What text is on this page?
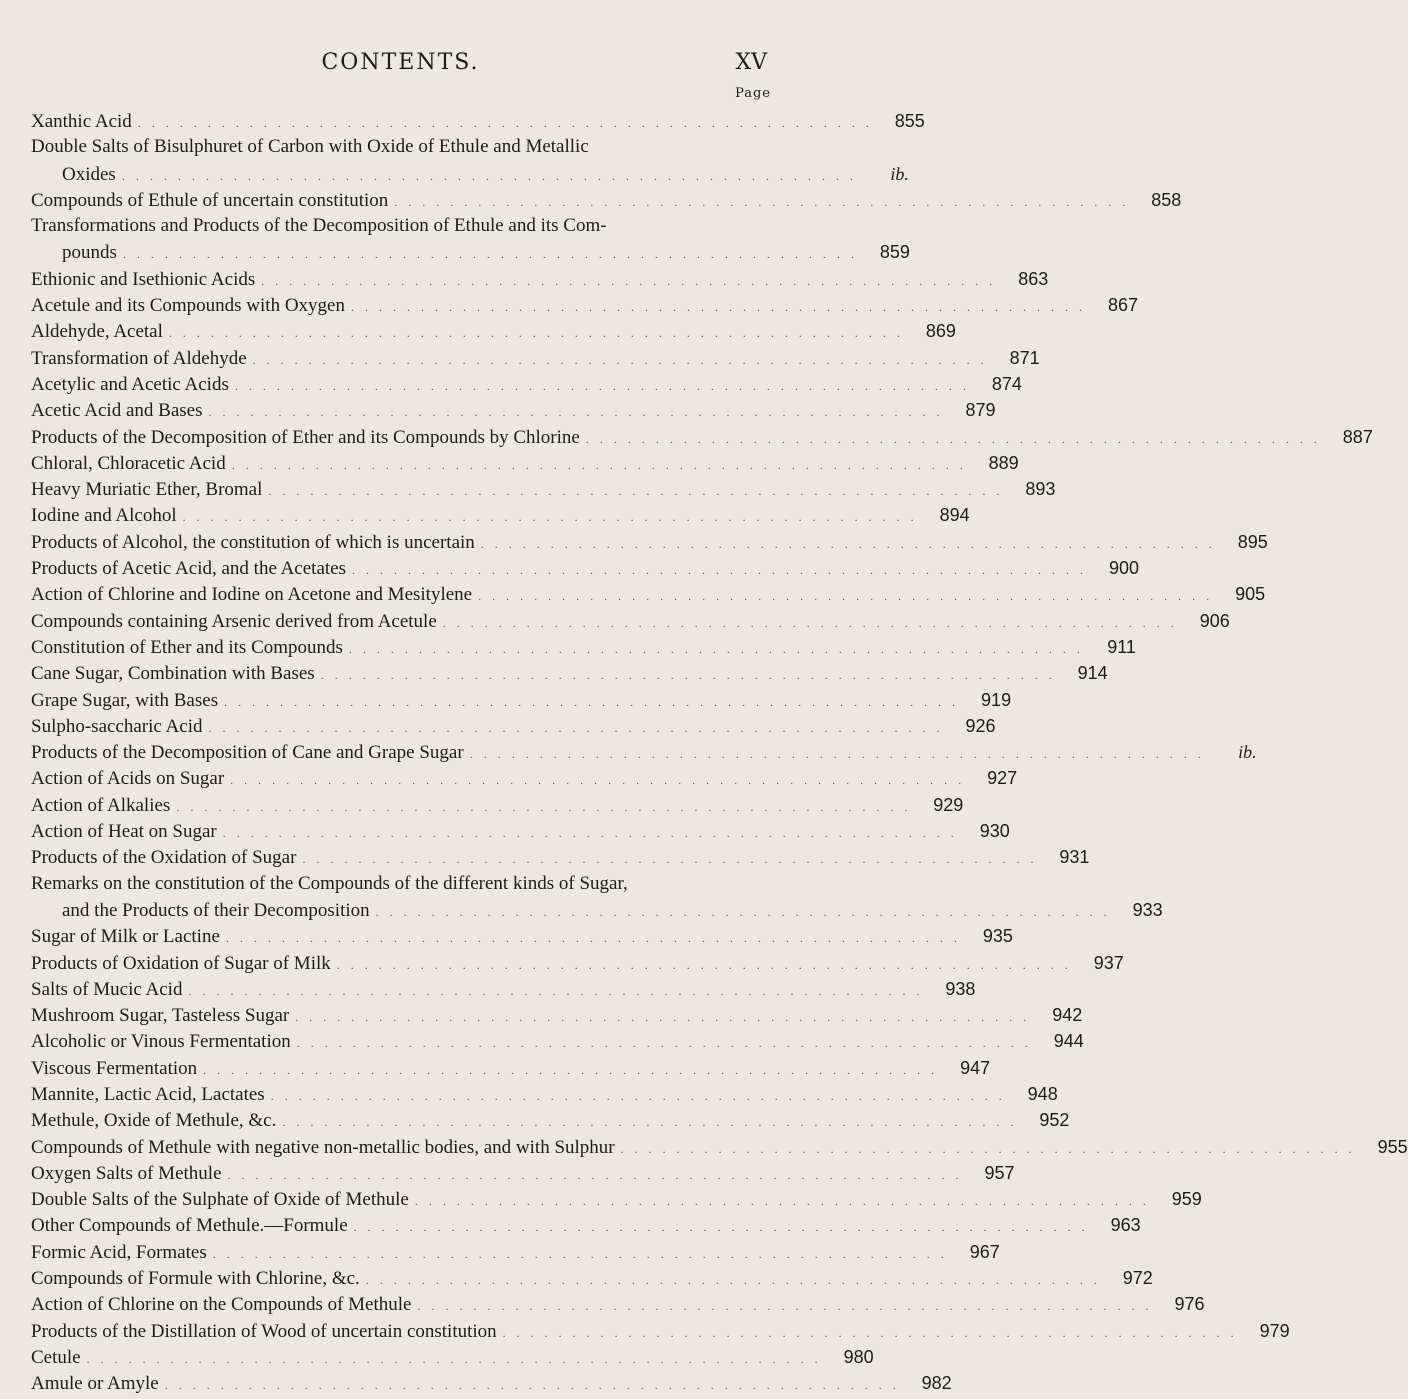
CONTENTS.	XV
Page
Xanthic Acid . . . . . . . . . . . . . . . . . . . . . . . . . . . . . . . . . . . . . . . . . . . . . . . . . . . . .	855
Double Salts of Bisulphuret of Carbon with Oxide of Ethule and Metallic
Oxides . . . . . . . . . . . . . . . . . . . . . . . . . . . . . . . . . . . . . . . . . . . . . . . . . . . . .	ib.
Compounds of Ethule of uncertain constitution . . . . . . . . . . . . . . . . . . . . . . . . . . . . . . . . . . . . . . . . . . . . . . . . . . . . .	858
Transformations and Products of the Decomposition of Ethule and its Com-
pounds . . . . . . . . . . . . . . . . . . . . . . . . . . . . . . . . . . . . . . . . . . . . . . . . . . . . .	859
Ethionic and Isethionic Acids . . . . . . . . . . . . . . . . . . . . . . . . . . . . . . . . . . . . . . . . . . . . . . . . . . . . .	863
Acetule and its Compounds with Oxygen . . . . . . . . . . . . . . . . . . . . . . . . . . . . . . . . . . . . . . . . . . . . . . . . . . . . .	867
Aldehyde, Acetal . . . . . . . . . . . . . . . . . . . . . . . . . . . . . . . . . . . . . . . . . . . . . . . . . . . . .	869
Transformation of Aldehyde . . . . . . . . . . . . . . . . . . . . . . . . . . . . . . . . . . . . . . . . . . . . . . . . . . . . .	871
Acetylic and Acetic Acids . . . . . . . . . . . . . . . . . . . . . . . . . . . . . . . . . . . . . . . . . . . . . . . . . . . . .	874
Acetic Acid and Bases . . . . . . . . . . . . . . . . . . . . . . . . . . . . . . . . . . . . . . . . . . . . . . . . . . . . .	879
Products of the Decomposition of Ether and its Compounds by Chlorine . . . . . . . . . . . . . . . . . . . . . . . . . . . . . . . . . . . . . . . . . . . . . . . . . . . . .	887
Chloral, Chloracetic Acid . . . . . . . . . . . . . . . . . . . . . . . . . . . . . . . . . . . . . . . . . . . . . . . . . . . . .	889
Heavy Muriatic Ether, Bromal . . . . . . . . . . . . . . . . . . . . . . . . . . . . . . . . . . . . . . . . . . . . . . . . . . . . .	893
Iodine and Alcohol . . . . . . . . . . . . . . . . . . . . . . . . . . . . . . . . . . . . . . . . . . . . . . . . . . . . .	894
Products of Alcohol, the constitution of which is uncertain . . . . . . . . . . . . . . . . . . . . . . . . . . . . . . . . . . . . . . . . . . . . . . . . . . . . .	895
Products of Acetic Acid, and the Acetates . . . . . . . . . . . . . . . . . . . . . . . . . . . . . . . . . . . . . . . . . . . . . . . . . . . . .	900
Action of Chlorine and Iodine on Acetone and Mesitylene . . . . . . . . . . . . . . . . . . . . . . . . . . . . . . . . . . . . . . . . . . . . . . . . . . . . .	905
Compounds containing Arsenic derived from Acetule . . . . . . . . . . . . . . . . . . . . . . . . . . . . . . . . . . . . . . . . . . . . . . . . . . . . .	906
Constitution of Ether and its Compounds . . . . . . . . . . . . . . . . . . . . . . . . . . . . . . . . . . . . . . . . . . . . . . . . . . . . .	911
Cane Sugar, Combination with Bases . . . . . . . . . . . . . . . . . . . . . . . . . . . . . . . . . . . . . . . . . . . . . . . . . . . . .	914
Grape Sugar, with Bases . . . . . . . . . . . . . . . . . . . . . . . . . . . . . . . . . . . . . . . . . . . . . . . . . . . . .	919
Sulpho-saccharic Acid . . . . . . . . . . . . . . . . . . . . . . . . . . . . . . . . . . . . . . . . . . . . . . . . . . . . .	926
Products of the Decomposition of Cane and Grape Sugar . . . . . . . . . . . . . . . . . . . . . . . . . . . . . . . . . . . . . . . . . . . . . . . . . . . . .	ib.
Action of Acids on Sugar . . . . . . . . . . . . . . . . . . . . . . . . . . . . . . . . . . . . . . . . . . . . . . . . . . . . .	927
Action of Alkalies . . . . . . . . . . . . . . . . . . . . . . . . . . . . . . . . . . . . . . . . . . . . . . . . . . . . .	929
Action of Heat on Sugar . . . . . . . . . . . . . . . . . . . . . . . . . . . . . . . . . . . . . . . . . . . . . . . . . . . . .	930
Products of the Oxidation of Sugar . . . . . . . . . . . . . . . . . . . . . . . . . . . . . . . . . . . . . . . . . . . . . . . . . . . . .	931
Remarks on the constitution of the Compounds of the different kinds of Sugar,
and the Products of their Decomposition . . . . . . . . . . . . . . . . . . . . . . . . . . . . . . . . . . . . . . . . . . . . . . . . . . . . .	933
Sugar of Milk or Lactine . . . . . . . . . . . . . . . . . . . . . . . . . . . . . . . . . . . . . . . . . . . . . . . . . . . . .	935
Products of Oxidation of Sugar of Milk . . . . . . . . . . . . . . . . . . . . . . . . . . . . . . . . . . . . . . . . . . . . . . . . . . . . .	937
Salts of Mucic Acid . . . . . . . . . . . . . . . . . . . . . . . . . . . . . . . . . . . . . . . . . . . . . . . . . . . . .	938
Mushroom Sugar, Tasteless Sugar . . . . . . . . . . . . . . . . . . . . . . . . . . . . . . . . . . . . . . . . . . . . . . . . . . . . .	942
Alcoholic or Vinous Fermentation . . . . . . . . . . . . . . . . . . . . . . . . . . . . . . . . . . . . . . . . . . . . . . . . . . . . .	944
Viscous Fermentation . . . . . . . . . . . . . . . . . . . . . . . . . . . . . . . . . . . . . . . . . . . . . . . . . . . . .	947
Mannite, Lactic Acid, Lactates . . . . . . . . . . . . . . . . . . . . . . . . . . . . . . . . . . . . . . . . . . . . . . . . . . . . .	948
Methule, Oxide of Methule, &c. . . . . . . . . . . . . . . . . . . . . . . . . . . . . . . . . . . . . . . . . . . . . . . . . . . . . .	952
Compounds of Methule with negative non-metallic bodies, and with Sulphur . . . . . . . . . . . . . . . . . . . . . . . . . . . . . . . . . . . . . . . . . . . . . . . . . . . . .	955
Oxygen Salts of Methule . . . . . . . . . . . . . . . . . . . . . . . . . . . . . . . . . . . . . . . . . . . . . . . . . . . . .	957
Double Salts of the Sulphate of Oxide of Methule . . . . . . . . . . . . . . . . . . . . . . . . . . . . . . . . . . . . . . . . . . . . . . . . . . . . .	959
Other Compounds of Methule.—Formule . . . . . . . . . . . . . . . . . . . . . . . . . . . . . . . . . . . . . . . . . . . . . . . . . . . . .	963
Formic Acid, Formates . . . . . . . . . . . . . . . . . . . . . . . . . . . . . . . . . . . . . . . . . . . . . . . . . . . . .	967
Compounds of Formule with Chlorine, &c. . . . . . . . . . . . . . . . . . . . . . . . . . . . . . . . . . . . . . . . . . . . . . . . . . . . . .	972
Action of Chlorine on the Compounds of Methule . . . . . . . . . . . . . . . . . . . . . . . . . . . . . . . . . . . . . . . . . . . . . . . . . . . . .	976
Products of the Distillation of Wood of uncertain constitution . . . . . . . . . . . . . . . . . . . . . . . . . . . . . . . . . . . . . . . . . . . . . . . . . . . . .	979
Cetule . . . . . . . . . . . . . . . . . . . . . . . . . . . . . . . . . . . . . . . . . . . . . . . . . . . . .	980
Amule or Amyle . . . . . . . . . . . . . . . . . . . . . . . . . . . . . . . . . . . . . . . . . . . . . . . . . . . . .	982
